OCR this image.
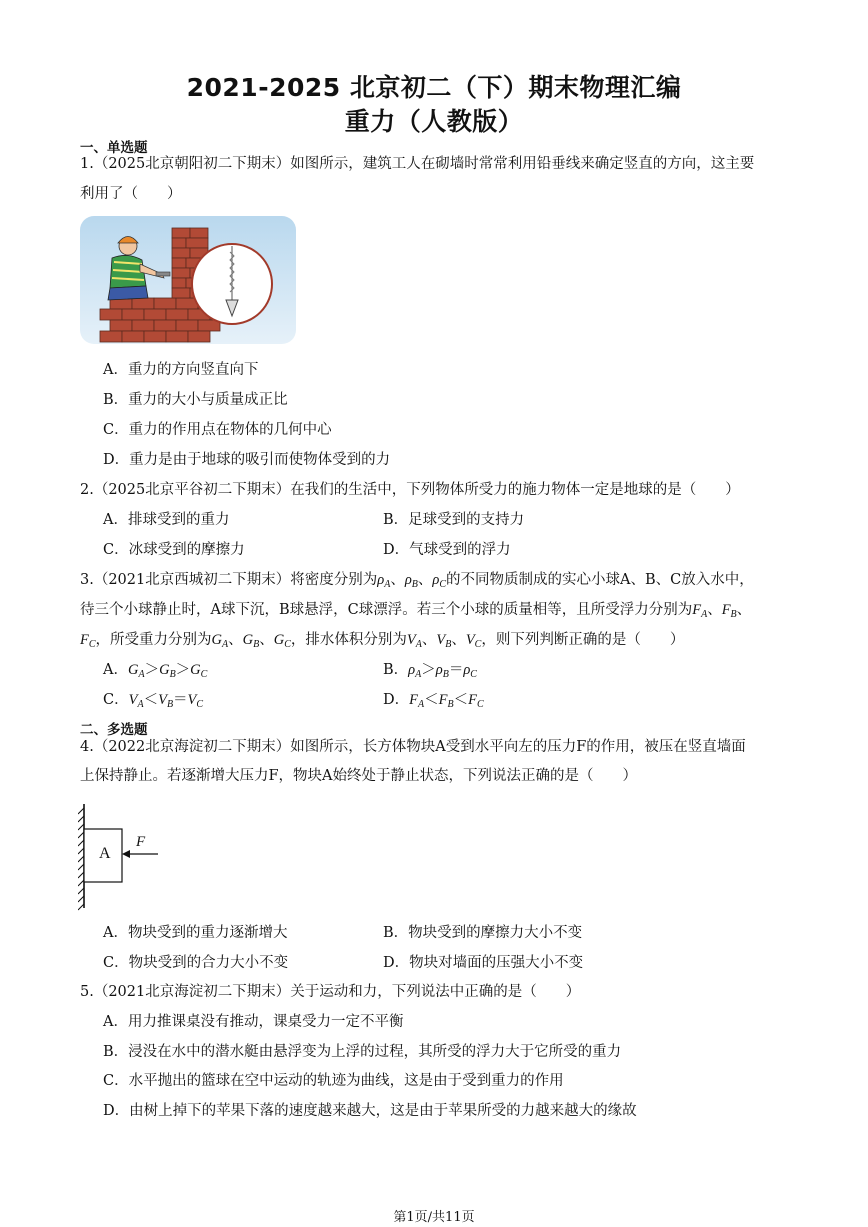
2021-2025 北京初二（下）期末物理汇编
重力（人教版）
一、单选题
1.（2025北京朝阳初二下期末）如图所示，建筑工人在砌墙时常常利用铅垂线来确定竖直的方向，这主要
利用了（　　）
A．重力的方向竖直向下
B．重力的大小与质量成正比
C．重力的作用点在物体的几何中心
D．重力是由于地球的吸引而使物体受到的力
2.（2025北京平谷初二下期末）在我们的生活中，下列物体所受力的施力物体一定是地球的是（　　）
A．排球受到的重力	B．足球受到的支持力
C．冰球受到的摩擦力	D．气球受到的浮力
3.（2021北京西城初二下期末）将密度分别为$\rho_A$、$\rho_B$、$\rho_C$的不同物质制成的实心小球A、B、C放入水中，
待三个小球静止时，A球下沉，B球悬浮，C球漂浮。若三个小球的质量相等，且所受浮力分别为$F_A$、$F_B$、
$F_C$，所受重力分别为$G_A$、$G_B$、$G_C$，排水体积分别为$V_A$、$V_B$、$V_C$，则下列判断正确的是（　　）
A．$G_A>G_B>G_C$	B．$\rho_A>\rho_B=\rho_C$
C．$V_A<V_B=V_C$	D．$F_A<F_B<F_C$
二、多选题
4.（2022北京海淀初二下期末）如图所示，长方体物块A受到水平向左的压力F的作用，被压在竖直墙面
上保持静止。若逐渐增大压力F，物块A始终处于静止状态，下列说法正确的是（　　）
A
F
A．物块受到的重力逐渐增大	B．物块受到的摩擦力大小不变
C．物块受到的合力大小不变	D．物块对墙面的压强大小不变
5.（2021北京海淀初二下期末）关于运动和力，下列说法中正确的是（　　）
A．用力推课桌没有推动，课桌受力一定不平衡
B．浸没在水中的潜水艇由悬浮变为上浮的过程，其所受的浮力大于它所受的重力
C．水平抛出的篮球在空中运动的轨迹为曲线，这是由于受到重力的作用
D．由树上掉下的苹果下落的速度越来越大，这是由于苹果所受的力越来越大的缘故
第1页/共11页
